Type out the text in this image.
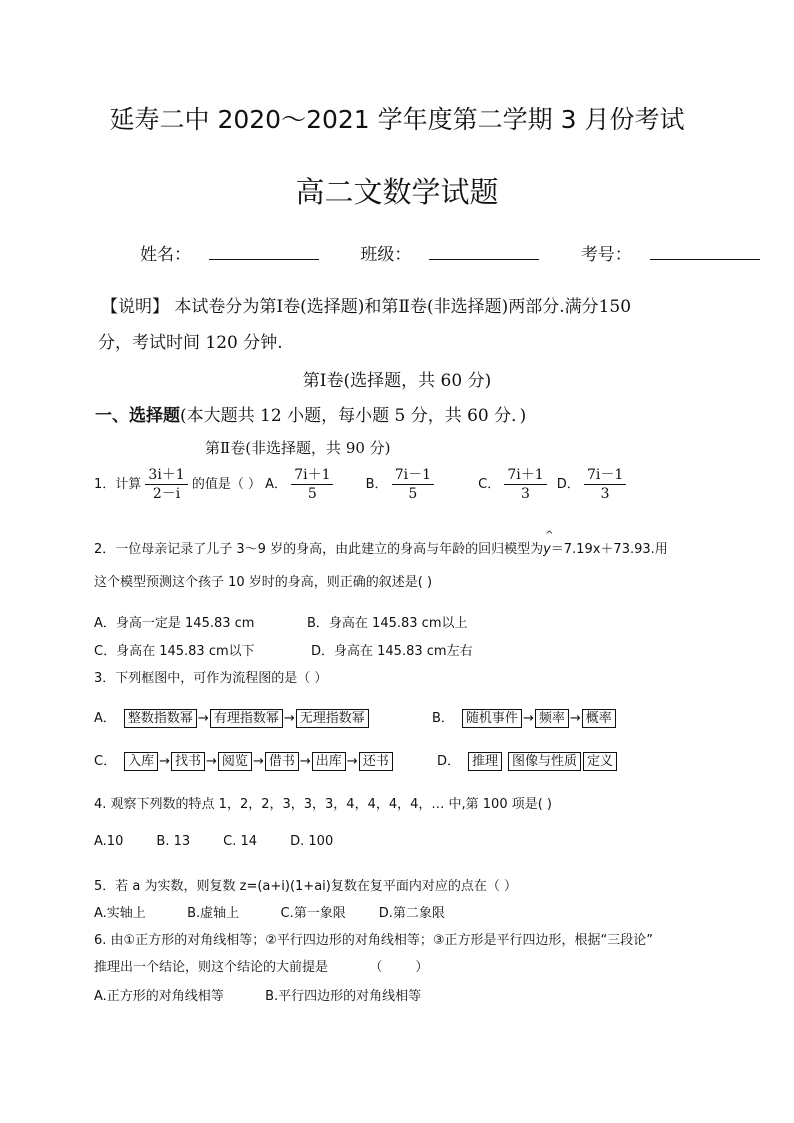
延寿二中 2020～2021 学年度第二学期 3 月份考试
高二文数学试题
姓名：	班级：	考号：
【说明】 本试卷分为第Ⅰ卷(选择题)和第Ⅱ卷(非选择题)两部分.满分150
分，考试时间 120 分钟.
第Ⅰ卷(选择题，共 60 分)
一、选择题(本大题共 12 小题，每小题 5 分，共 60 分．)
第Ⅱ卷(非选择题，共 90 分)
1．计算 $\frac{3i+1}{2-i}$ 的值是（ ） A． $\frac{7i+1}{5}$ B． $\frac{7i-1}{5}$	C． $\frac{7i+1}{3}$ D． $\frac{7i-1}{3}$
2．一位母亲记录了儿子 3～9 岁的身高，由此建立的身高与年龄的回归模型为^ y＝7.19x＋73.93.用
这个模型预测这个孩子 10 岁时的身高，则正确的叙述是( )
A．身高一定是 145.83 cm	B．身高在 145.83 cm以上
C．身高在 145.83 cm以下	D．身高在 145.83 cm左右
3．下列框图中，可作为流程图的是（ ）
A． 整数指数幂 → 有理指数幂 → 无理指数幂	B． 随机事件 → 频率 → 概率
C． 入库 → 找书 → 阅览 → 借书 → 出库 → 还书	D． 推理 图像与性质 定义
4. 观察下列数的特点 1，2，2，3，3，3，4，4，4，4，… 中,第 100 项是( )
A.10        B. 13        C. 14        D. 100
5．若 a 为实数，则复数 z=(a+i)(1+ai)复数在复平面内对应的点在（ ）
A.实轴上          B.虚轴上          C.第一象限        D.第二象限
6. 由①正方形的对角线相等；②平行四边形的对角线相等；③正方形是平行四边形，根据“三段论”
推理出一个结论，则这个结论的大前提是          （        ）
A.正方形的对角线相等          B.平行四边形的对角线相等
